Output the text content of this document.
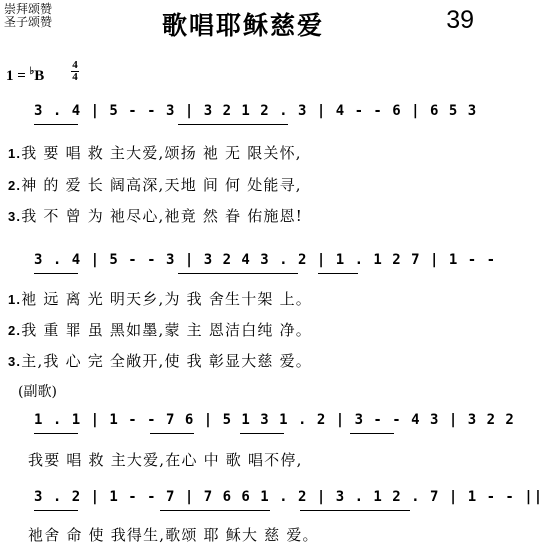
崇拜颂赞
圣子颂赞	歌唱耶稣慈爱	39
1 = ♭B
4
4
3 . 4 | 5 - - 3 | 3 2 1 2 . 3 | 4 - - 6 | 6 5 3
1.我 要 唱 救 主大爱,颂扬 祂 无 限关怀,
2.神 的 爱 长 阔高深,天地 间 何 处能寻,
3.我 不 曾 为 祂尽心,祂竟 然 眷 佑施恩!
3 . 4 | 5 - - 3 | 3 2 4 3 . 2 | 1 . 1 2 7 | 1 - -
1.祂 远 离 光 明天乡,为 我 舍生十架 上。
2.我 重 罪 虽 黑如墨,蒙 主 恩洁白纯 净。
3.主,我 心 完 全敞开,使 我 彰显大慈 爱。
(副歌)
1 . 1 | 1 - - 7 6 | 5 1 3 1 . 2 | 3 - - 4 3 | 3 2 2
我要 唱 救 主大爱,在心 中 歌 唱不停,
3 . 2 | 1 - - 7 | 7 6 6 1 . 2 | 3 . 1 2 . 7 | 1 - - ||
祂舍 命 使 我得生,歌颂 耶 稣大 慈 爱。
